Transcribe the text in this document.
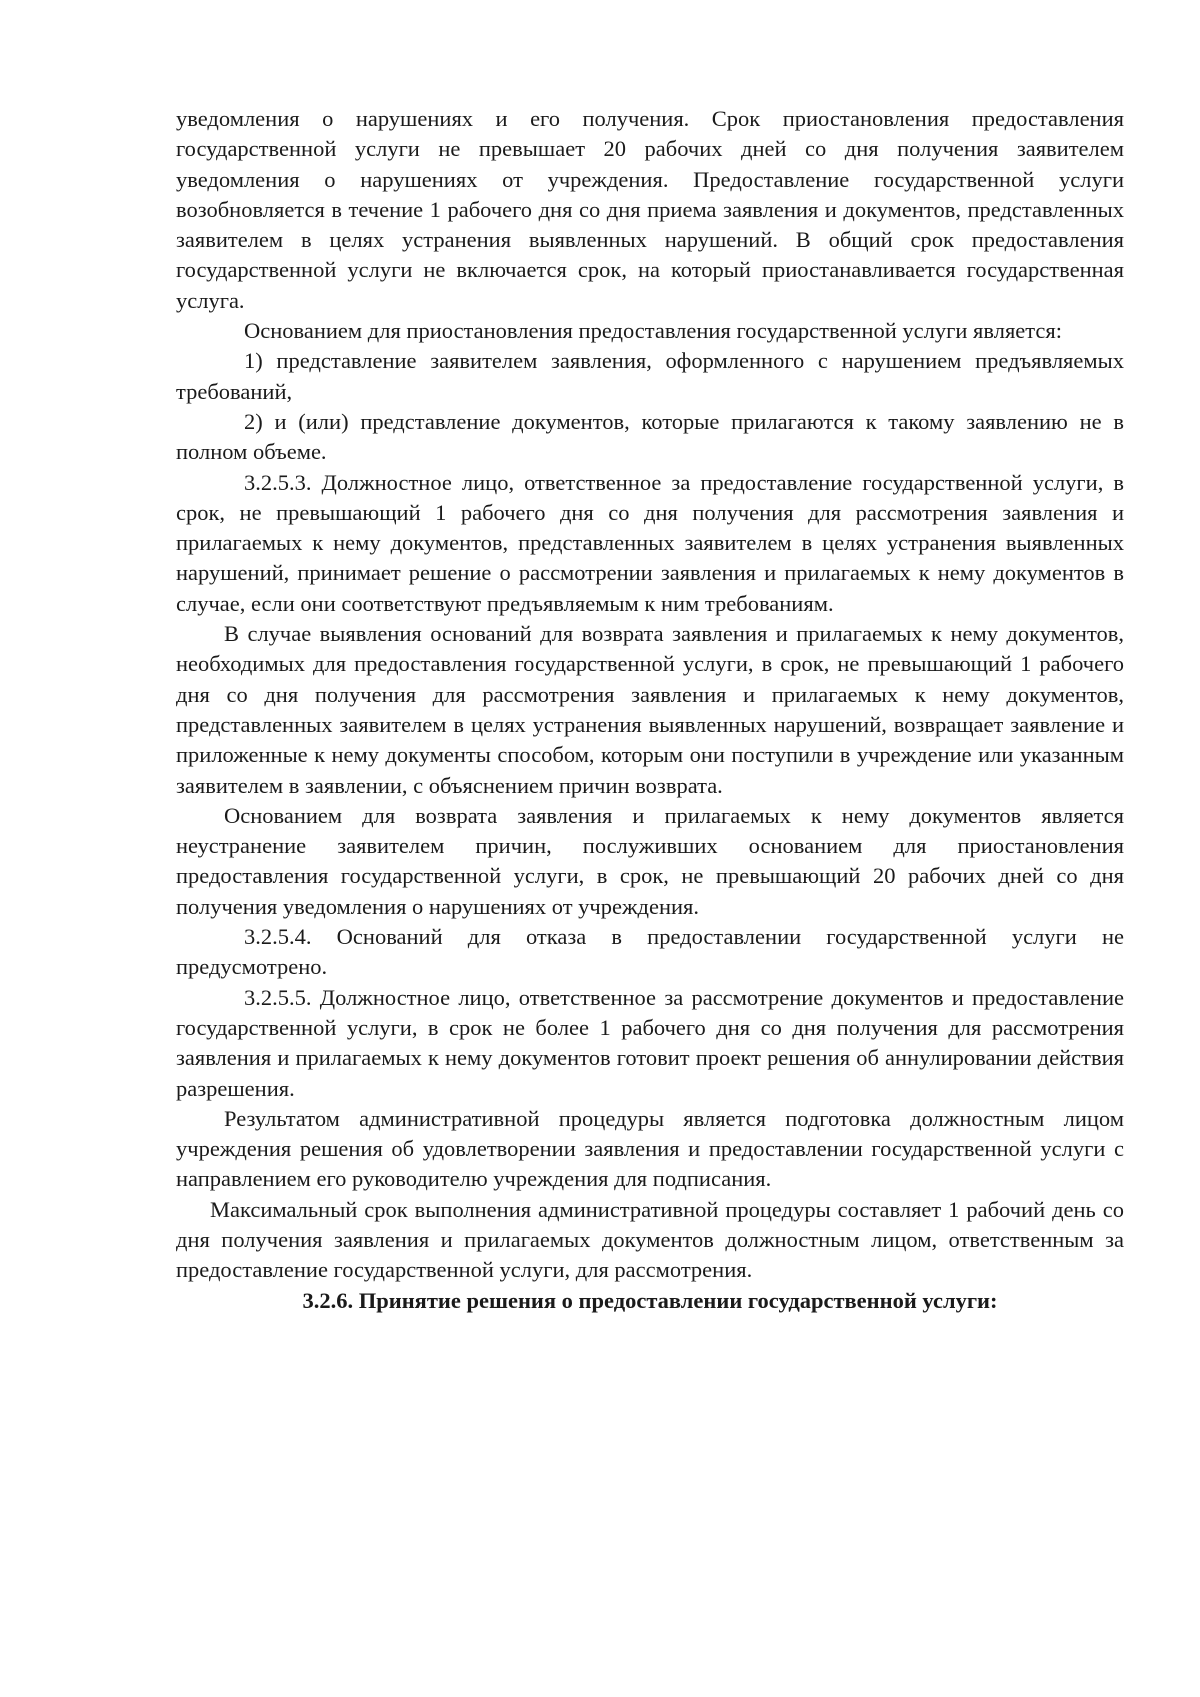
уведомления о нарушениях и его получения. Срок приостановления предоставления государственной услуги не превышает 20 рабочих дней со дня получения заявителем уведомления о нарушениях от учреждения. Предоставление государственной услуги возобновляется в течение 1 рабочего дня со дня приема заявления и документов, представленных заявителем в целях устранения выявленных нарушений. В общий срок предоставления государственной услуги не включается срок, на который приостанавливается государственная услуга.

Основанием для приостановления предоставления государственной услуги является:

1) представление заявителем заявления, оформленного с нарушением предъявляемых требований,

2) и (или) представление документов, которые прилагаются к такому заявлению не в полном объеме.

3.2.5.3. Должностное лицо, ответственное за предоставление государственной услуги, в срок, не превышающий 1 рабочего дня со дня получения для рассмотрения заявления и прилагаемых к нему документов, представленных заявителем в целях устранения выявленных нарушений, принимает решение о рассмотрении заявления и прилагаемых к нему документов в случае, если они соответствуют предъявляемым к ним требованиям.

В случае выявления оснований для возврата заявления и прилагаемых к нему документов, необходимых для предоставления государственной услуги, в срок, не превышающий 1 рабочего дня со дня получения для рассмотрения заявления и прилагаемых к нему документов, представленных заявителем в целях устранения выявленных нарушений, возвращает заявление и приложенные к нему документы способом, которым они поступили в учреждение или указанным заявителем в заявлении, с объяснением причин возврата.

Основанием для возврата заявления и прилагаемых к нему документов является неустранение заявителем причин, послуживших основанием для приостановления предоставления государственной услуги, в срок, не превышающий 20 рабочих дней со дня получения уведомления о нарушениях от учреждения.

3.2.5.4. Оснований для отказа в предоставлении государственной услуги не предусмотрено.

3.2.5.5. Должностное лицо, ответственное за рассмотрение документов и предоставление государственной услуги, в срок не более 1 рабочего дня со дня получения для рассмотрения заявления и прилагаемых к нему документов готовит проект решения об аннулировании действия разрешения.

Результатом административной процедуры является подготовка должностным лицом учреждения решения об удовлетворении заявления и предоставлении государственной услуги с направлением его руководителю учреждения для подписания.

Максимальный срок выполнения административной процедуры составляет 1 рабочий день со дня получения заявления и прилагаемых документов должностным лицом, ответственным за предоставление государственной услуги, для рассмотрения.

3.2.6. Принятие решения о предоставлении государственной услуги:
